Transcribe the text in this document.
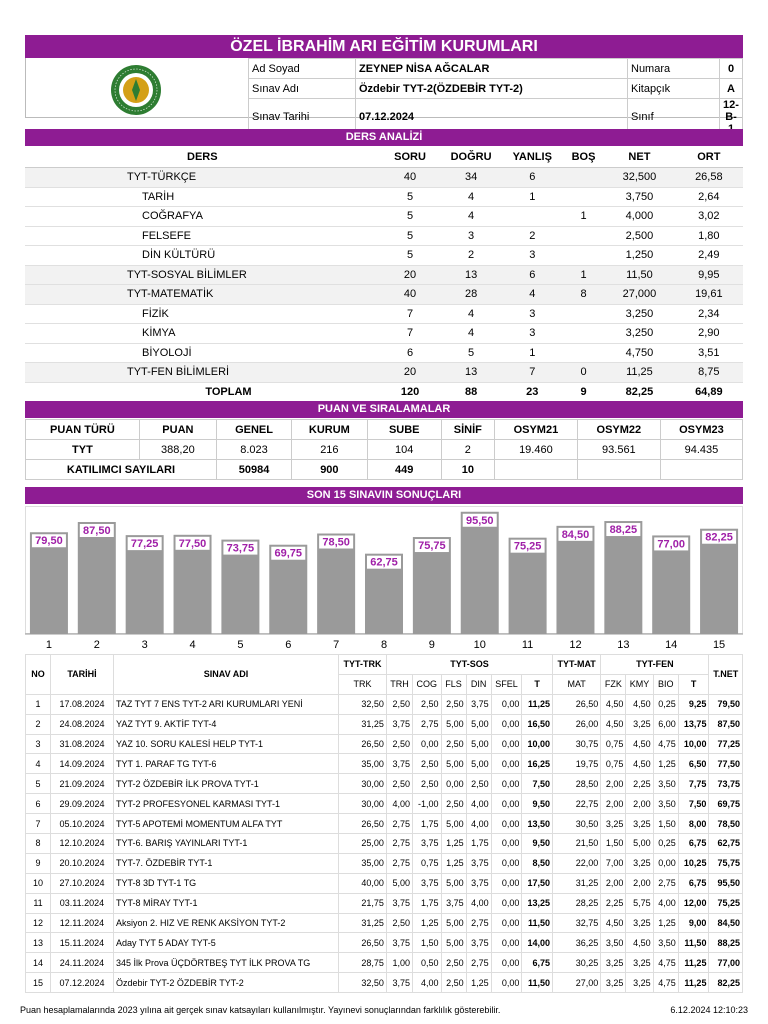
ÖZEL İBRAHİM ARI EĞİTİM KURUMLARI
Ad Soyad	ZEYNEP NİSA AĞCALAR	Numara	0
Sınav Adı	Özdebir TYT-2(ÖZDEBİR TYT-2)	Kitapçık	A
Sınav Tarihi	07.12.2024	Sınıf	12-B-
DERS ANALİZİ
DERS	SORU	DOĞRU	YANLIŞ	BOŞ	NET	ORT
TYT-TÜRKÇE	40	34	6		32,500	26,58
TARİH	5	4	1		3,750	2,64
COĞRAFYA	5	4		1	4,000	3,02
FELSEFE	5	3	2		2,500	1,80
DİN KÜLTÜRÜ	5	2	3		1,250	2,49
TYT-SOSYAL BİLİMLER	20	13	6	1	11,50	9,95
TYT-MATEMATİK	40	28	4	8	27,000	19,61
FİZİK	7	4	3		3,250	2,34
KİMYA	7	4	3		3,250	2,90
BİYOLOJİ	6	5	1		4,750	3,51
TYT-FEN BİLİMLERİ	20	13	7	0	11,25	8,75
TOPLAM	120	88	23	9	82,25	64,89
PUAN VE SIRALAMALAR
PUAN TÜRÜ	PUAN	GENEL	KURUM	SUBE	SİNİF	OSYM21	OSYM22	OSYM23
TYT	388,20	8.023	216	104	2	19.460	93.561	94.435
KATILIMCI SAYILARI		50984	900	449	10			
SON 15 SINAVIN SONUÇLARI
79,50
1
87,50
2
77,25
3
77,50
4
73,75
5
69,75
6
78,50
7
62,75
8
75,75
9
95,50
10
75,25
11
84,50
12
88,25
13
77,00
14
82,25
15
NO	TARİHİ	SINAV ADI	TYT-TRK	TYT-SOS						TYT-MAT	TYT-FEN				T.NET
			TRK	TRH	COG	FLS	DIN	SFEL	T	MAT	FZK	KMY	BIO	T	
1	17.08.2024	TAZ TYT 7 ENS TYT-2 ARI KURUMLARI YENİ	32,50	2,50	2,50	2,50	3,75	0,00	11,25	26,50	4,50	4,50	0,25	9,25	79,50
2	24.08.2024	YAZ TYT 9. AKTİF TYT-4	31,25	3,75	2,75	5,00	5,00	0,00	16,50	26,00	4,50	3,25	6,00	13,75	87,50
3	31.08.2024	YAZ 10. SORU KALESİ HELP TYT-1	26,50	2,50	0,00	2,50	5,00	0,00	10,00	30,75	0,75	4,50	4,75	10,00	77,25
4	14.09.2024	TYT 1. PARAF TG TYT-6	35,00	3,75	2,50	5,00	5,00	0,00	16,25	19,75	0,75	4,50	1,25	6,50	77,50
5	21.09.2024	TYT-2 ÖZDEBİR İLK PROVA TYT-1	30,00	2,50	2,50	0,00	2,50	0,00	7,50	28,50	2,00	2,25	3,50	7,75	73,75
6	29.09.2024	TYT-2 PROFESYONEL KARMASI TYT-1	30,00	4,00	-1,00	2,50	4,00	0,00	9,50	22,75	2,00	2,00	3,50	7,50	69,75
7	05.10.2024	TYT-5 APOTEMİ MOMENTUM ALFA TYT	26,50	2,75	1,75	5,00	4,00	0,00	13,50	30,50	3,25	3,25	1,50	8,00	78,50
8	12.10.2024	TYT-6. BARIŞ YAYINLARI TYT-1	25,00	2,75	3,75	1,25	1,75	0,00	9,50	21,50	1,50	5,00	0,25	6,75	62,75
9	20.10.2024	TYT-7. ÖZDEBİR TYT-1	35,00	2,75	0,75	1,25	3,75	0,00	8,50	22,00	7,00	3,25	0,00	10,25	75,75
10	27.10.2024	TYT-8 3D TYT-1 TG	40,00	5,00	3,75	5,00	3,75	0,00	17,50	31,25	2,00	2,00	2,75	6,75	95,50
11	03.11.2024	TYT-8 MİRAY TYT-1	21,75	3,75	1,75	3,75	4,00	0,00	13,25	28,25	2,25	5,75	4,00	12,00	75,25
12	12.11.2024	Aksiyon 2. HIZ VE RENK AKSİYON TYT-2	31,25	2,50	1,25	5,00	2,75	0,00	11,50	32,75	4,50	3,25	1,25	9,00	84,50
13	15.11.2024	Aday TYT 5 ADAY TYT-5	26,50	3,75	1,50	5,00	3,75	0,00	14,00	36,25	3,50	4,50	3,50	11,50	88,25
14	24.11.2024	345 İlk Prova ÜÇDÖRTBEŞ TYT İLK PROVA TG	28,75	1,00	0,50	2,50	2,75	0,00	6,75	30,25	3,25	3,25	4,75	11,25	77,00
15	07.12.2024	Özdebir TYT-2 ÖZDEBİR TYT-2	32,50	3,75	4,00	2,50	1,25	0,00	11,50	27,00	3,25	3,25	4,75	11,25	82,25
Puan hesaplamalarında 2023 yılına ait gerçek sınav katsayıları kullanılmıştır. Yayınevi sonuçlarından farklılık gösterebilir.	6.12.2024 12:10:23
